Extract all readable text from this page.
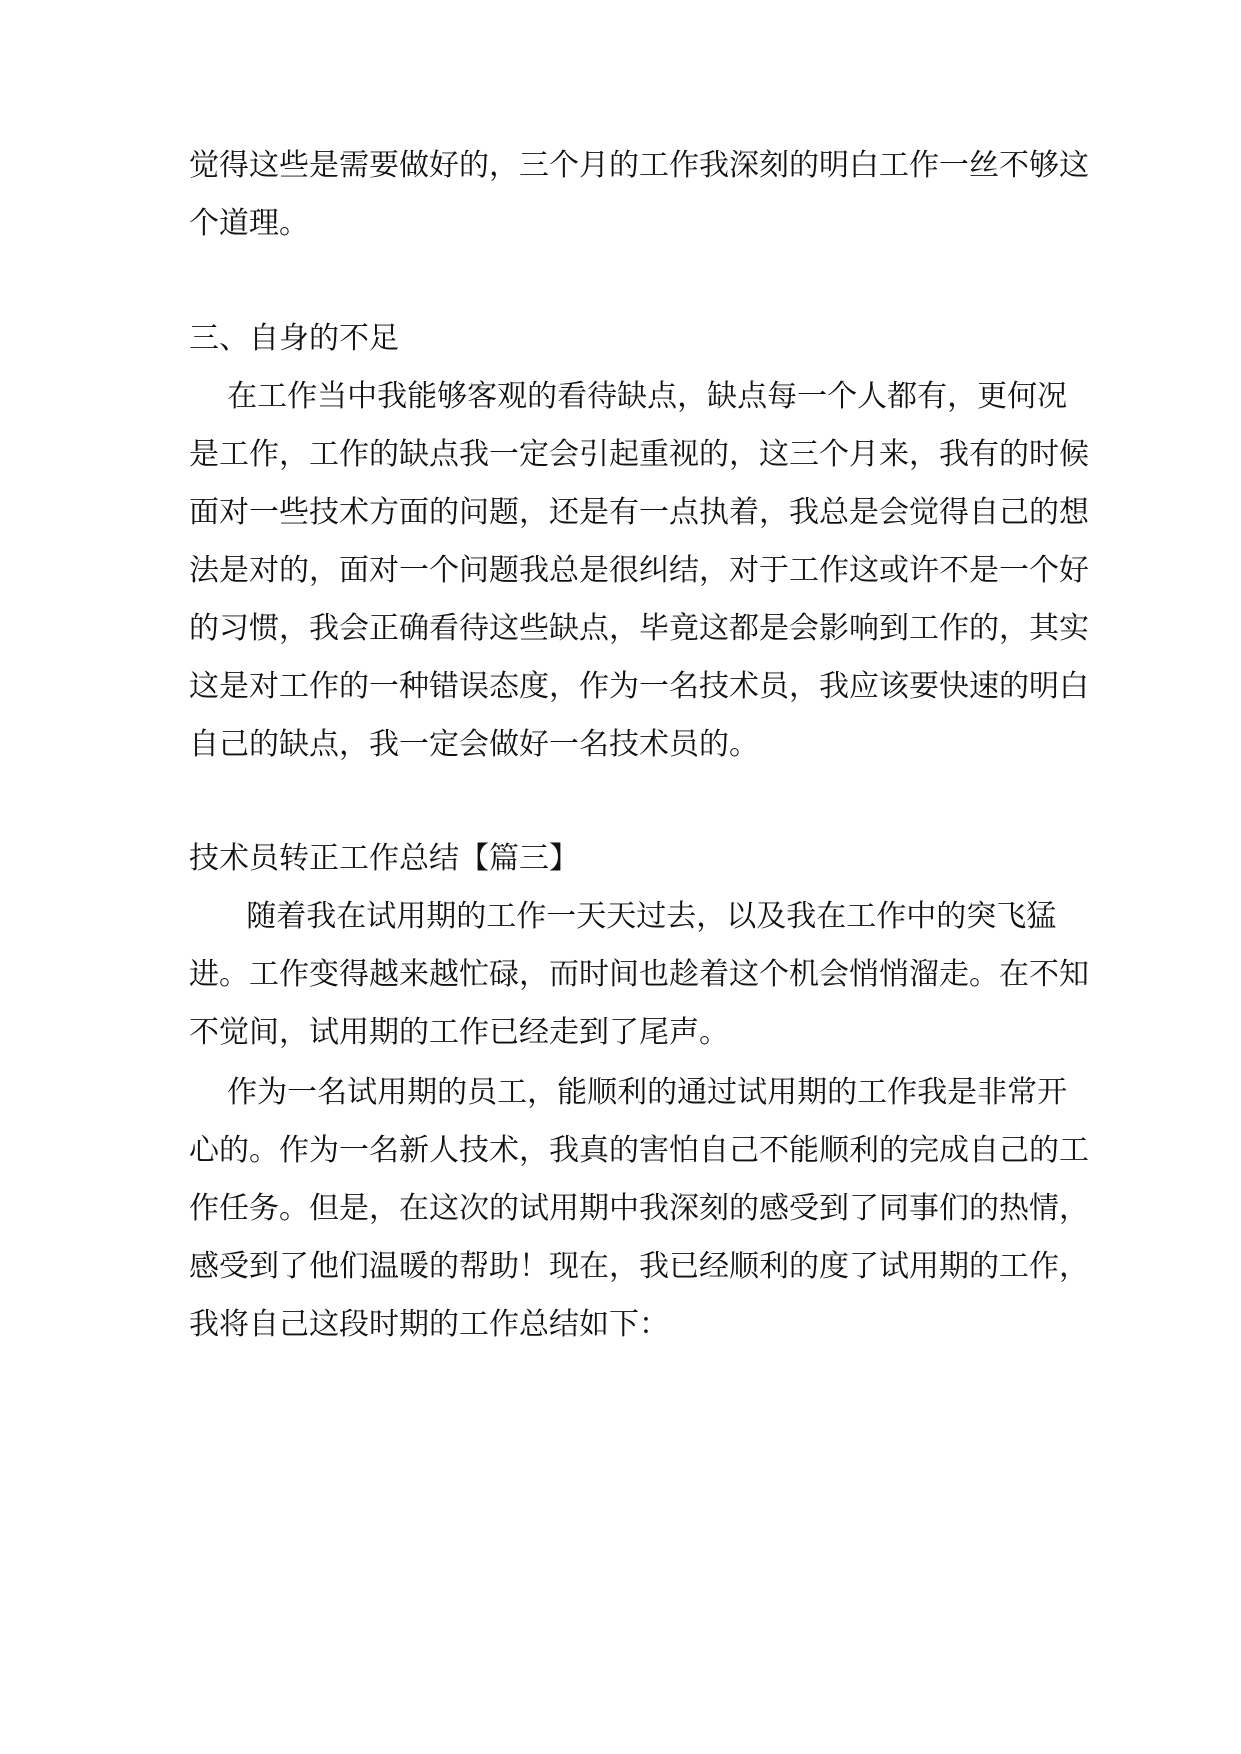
觉得这些是需要做好的，三个月的工作我深刻的明白工作一丝不够这
个道理。
三、自身的不足
在工作当中我能够客观的看待缺点，缺点每一个人都有，更何况
是工作，工作的缺点我一定会引起重视的，这三个月来，我有的时候
面对一些技术方面的问题，还是有一点执着，我总是会觉得自己的想
法是对的，面对一个问题我总是很纠结，对于工作这或许不是一个好
的习惯，我会正确看待这些缺点，毕竟这都是会影响到工作的，其实
这是对工作的一种错误态度，作为一名技术员，我应该要快速的明白
自己的缺点，我一定会做好一名技术员的。
技术员转正工作总结【篇三】
随着我在试用期的工作一天天过去，以及我在工作中的突飞猛
进。工作变得越来越忙碌，而时间也趁着这个机会悄悄溜走。在不知
不觉间，试用期的工作已经走到了尾声。
作为一名试用期的员工，能顺利的通过试用期的工作我是非常开
心的。作为一名新人技术，我真的害怕自己不能顺利的完成自己的工
作任务。但是，在这次的试用期中我深刻的感受到了同事们的热情，
感受到了他们温暖的帮助！现在，我已经顺利的度了试用期的工作，
我将自己这段时期的工作总结如下：
